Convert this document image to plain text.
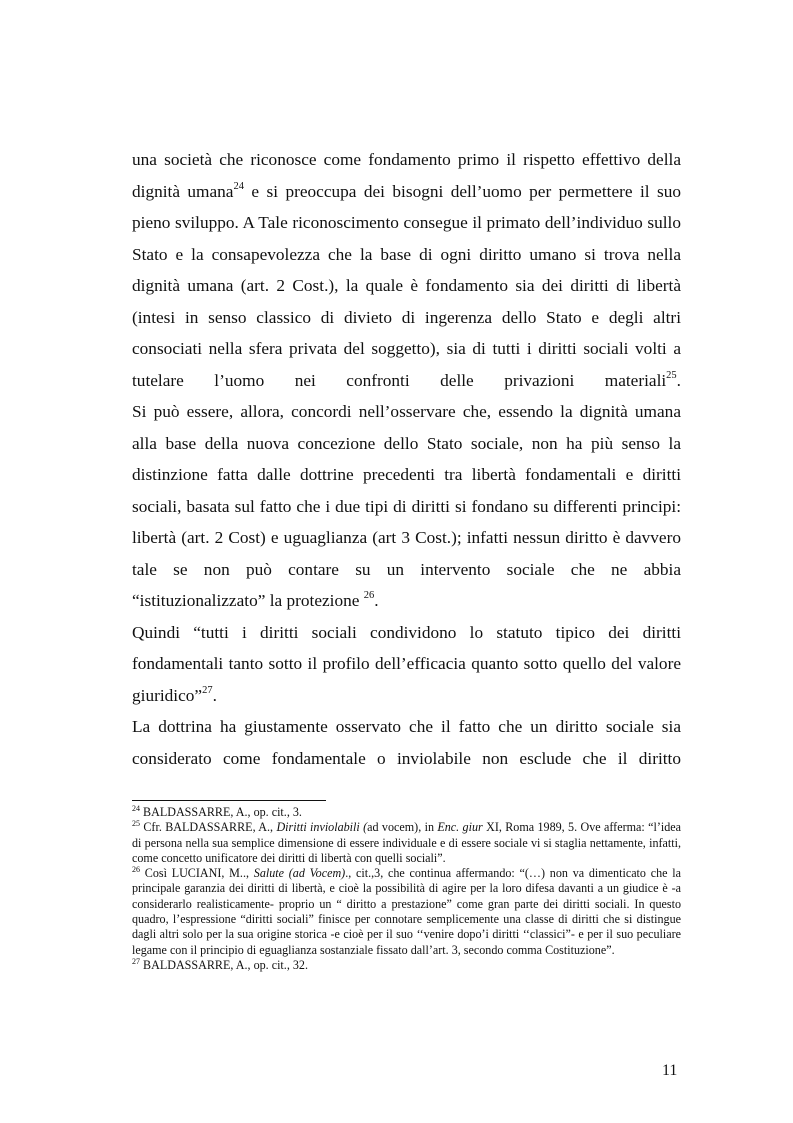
una società che riconosce come fondamento primo il rispetto effettivo della dignità umana$^{24}$ e si preoccupa dei bisogni dell’uomo per permettere il suo pieno sviluppo. A Tale riconoscimento consegue il primato dell’individuo sullo Stato e la consapevolezza che la base di ogni diritto umano si trova nella dignità umana (art. 2 Cost.), la quale è fondamento sia dei diritti di libertà (intesi in senso classico di divieto di ingerenza dello Stato e degli altri consociati nella sfera privata del soggetto), sia di tutti i diritti sociali volti a tutelare l’uomo nei confronti delle privazioni materiali$^{25}$.

Si può essere, allora, concordi nell’osservare che, essendo la dignità umana alla base della nuova concezione dello Stato sociale, non ha più senso la distinzione fatta dalle dottrine precedenti tra libertà fondamentali e diritti sociali, basata sul fatto che i due tipi di diritti si fondano su differenti principi: libertà (art. 2 Cost) e uguaglianza (art 3 Cost.); infatti nessun diritto è davvero tale se non può contare su un intervento sociale che ne abbia “istituzionalizzato” la protezione $^{26}$.

Quindi “tutti i diritti sociali condividono lo statuto tipico dei diritti fondamentali tanto sotto il profilo dell’efficacia quanto sotto quello del valore giuridico”$^{27}$.

La dottrina ha giustamente osservato che il fatto che un diritto sociale sia considerato come fondamentale o inviolabile non esclude che il diritto

$^{24}$ BALDASSARRE, A., op. cit., 3.

$^{25}$ Cfr. BALDASSARRE, A., Diritti inviolabili (ad vocem), in Enc. giur XI, Roma 1989, 5. Ove afferma: “l’idea di persona nella sua semplice dimensione di essere individuale e di essere sociale vi si staglia nettamente, infatti, come concetto unificatore dei diritti di libertà con quelli sociali”.

$^{26}$ Così LUCIANI, M.., Salute (ad Vocem)., cit.,3, che continua affermando: “(…) non va dimenticato che la principale garanzia dei diritti di libertà, e cioè la possibilità di agire per la loro difesa davanti a un giudice è -a considerarlo realisticamente- proprio un “ diritto a prestazione” come gran parte dei diritti sociali. In questo quadro, l’espressione “diritti sociali” finisce per connotare semplicemente una classe di diritti che si distingue dagli altri solo per la sua origine storica -e cioè per il suo ‘‘venire dopo’i diritti ‘‘classici”- e per il suo peculiare legame con il principio di eguaglianza sostanziale fissato dall’art. 3, secondo comma Costituzione”.

$^{27}$ BALDASSARRE, A., op. cit., 32.

11
